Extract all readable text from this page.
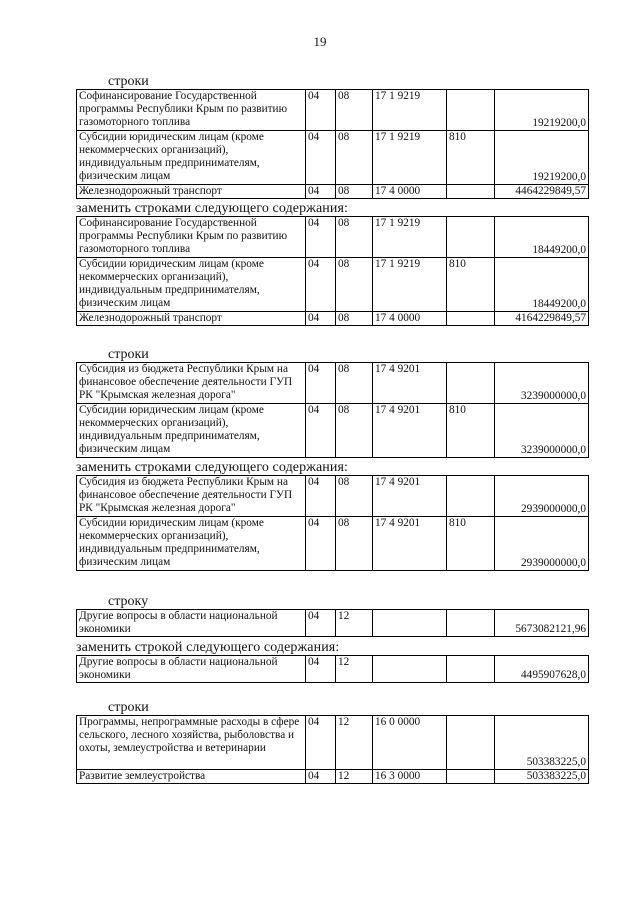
19
строки
Софинансирование Государственной программы Республики Крым по развитию газомоторного топлива	04	08	17 1 9219		19219200,0
Субсидии юридическим лицам (кроме некоммерческих организаций), индивидуальным предпринимателям, физическим лицам	04	08	17 1 9219	810	19219200,0
Железнодорожный транспорт	04	08	17 4 0000		4464229849,57
заменить строками следующего содержания:
Софинансирование Государственной программы Республики Крым по развитию газомоторного топлива	04	08	17 1 9219		18449200,0
Субсидии юридическим лицам (кроме некоммерческих организаций), индивидуальным предпринимателям, физическим лицам	04	08	17 1 9219	810	18449200,0
Железнодорожный транспорт	04	08	17 4 0000		4164229849,57
строки
Субсидия из бюджета Республики Крым на финансовое обеспечение деятельности ГУП РК "Крымская железная дорога"	04	08	17 4 9201		3239000000,0
Субсидии юридическим лицам (кроме некоммерческих организаций), индивидуальным предпринимателям, физическим лицам	04	08	17 4 9201	810	3239000000,0
заменить строками следующего содержания:
Субсидия из бюджета Республики Крым на финансовое обеспечение деятельности ГУП РК "Крымская железная дорога"	04	08	17 4 9201		2939000000,0
Субсидии юридическим лицам (кроме некоммерческих организаций), индивидуальным предпринимателям, физическим лицам	04	08	17 4 9201	810	2939000000,0
строку
Другие вопросы в области национальной экономики	04	12			5673082121,96
заменить строкой следующего содержания:
Другие вопросы в области национальной экономики	04	12			4495907628,0
строки
Программы, непрограммные расходы в сфере сельского, лесного хозяйства, рыболовства и охоты, землеустройства и ветеринарии	04	12	16 0 0000		503383225,0
Развитие землеустройства	04	12	16 3 0000		503383225,0
